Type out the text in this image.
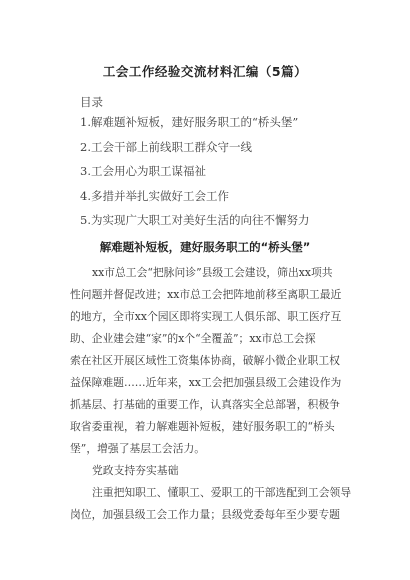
工会工作经验交流材料汇编（5篇）
目录
1.解难题补短板，建好服务职工的“桥头堡”
2.工会干部上前线职工群众守一线
3.工会用心为职工谋福祉
4.多措并举扎实做好工会工作
5.为实现广大职工对美好生活的向往不懈努力
解难题补短板，建好服务职工的“桥头堡”
xx市总工会“把脉问诊”县级工会建设，筛出xx项共
性问题并督促改进；xx市总工会把阵地前移至离职工最近
的地方，全市xx个园区即将实现工人俱乐部、职工医疗互
助、企业建会建“家”的x个“全覆盖”；xx市总工会探
索在社区开展区域性工资集体协商，破解小微企业职工权
益保障难题……近年来，xx工会把加强县级工会建设作为
抓基层、打基础的重要工作，认真落实全总部署，积极争
取省委重视，着力解难题补短板，建好服务职工的“桥头
堡”，增强了基层工会活力。
党政支持夯实基础
注重把知职工、懂职工、爱职工的干部选配到工会领导
岗位，加强县级工会工作力量；县级党委每年至少要专题
